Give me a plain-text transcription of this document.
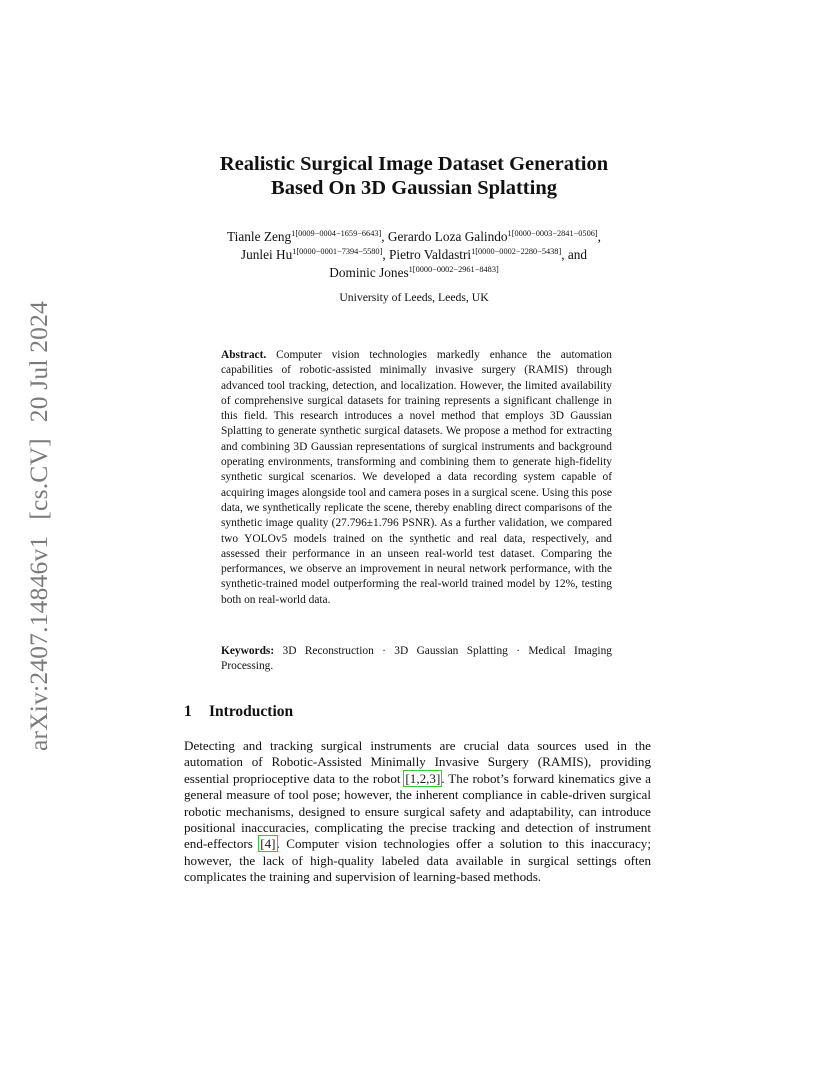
arXiv:2407.14846v1[cs.CV]20 Jul 2024
Realistic Surgical Image Dataset Generation
Based On 3D Gaussian Splatting
Tianle Zeng$^{1[0009-0004-1659-6643]}$, Gerardo Loza Galindo$^{1[0000-0003-2841-0506]}$,
Junlei $Hu^{1[0000-0001-7394-5580]}$, Pietro Valdastri$^{1[0000-0002-2280-5438]}$, and
Dominic Jones$^{1[0000-0002-2961-8483]}$
University of Leeds, Leeds, UK
Abstract. Computer vision technologies markedly enhance the automation capabilities of robotic-assisted minimally invasive surgery (RAMIS) through advanced tool tracking, detection, and localization. However, the limited availability of comprehensive surgical datasets for training represents a significant challenge in this field. This research introduces a novel method that employs 3D Gaussian Splatting to generate synthetic surgical datasets. We propose a method for extracting and combining 3D Gaussian representations of surgical instruments and background operating environments, transforming and combining them to generate high-fidelity synthetic surgical scenarios. We developed a data recording system capable of acquiring images alongside tool and camera poses in a surgical scene. Using this pose data, we synthetically replicate the scene, thereby enabling direct comparisons of the synthetic image quality (27.796±1.796 PSNR). As a further validation, we compared two YOLOv5 models trained on the synthetic and real data, respectively, and assessed their performance in an unseen real-world test dataset. Comparing the performances, we observe an improvement in neural network performance, with the synthetic-trained model outperforming the real-world trained model by 12%, testing both on real-world data.
Keywords: 3D Reconstruction · 3D Gaussian Splatting · Medical Imaging Processing.
1 Introduction
Detecting and tracking surgical instruments are crucial data sources used in the automation of Robotic-Assisted Minimally Invasive Surgery (RAMIS), providing essential proprioceptive data to the robot [1,2,3]. The robot’s forward kinematics give a general measure of tool pose; however, the inherent compliance in cable-driven surgical robotic mechanisms, designed to ensure surgical safety and adaptability, can introduce positional inaccuracies, complicating the precise tracking and detection of instrument end-effectors [4]. Computer vision technologies offer a solution to this inaccuracy; however, the lack of high-quality labeled data available in surgical settings often complicates the training and supervision of learning-based methods.
